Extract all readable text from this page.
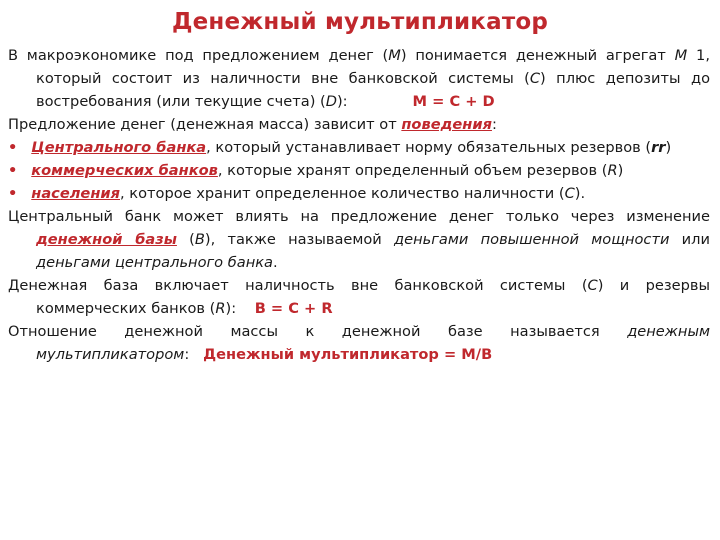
Денежный мультипликатор
В макроэкономике под предложением денег (М) понимается денежный агрегат М 1, который состоит из наличности вне банковской системы (С) плюс депозиты до востребования (или текущие счета) (D):	М = С + D
Предложение денег (денежная масса) зависит от поведения:
• Центрального банка, который устанавливает норму обязательных резервов (rr)
• коммерческих банков, которые хранят определенный объем резервов (R)
• населения, которое хранит определенное количество наличности (С).
Центральный банк может влиять на предложение денег только через изменение денежной базы (В), также называемой деньгами повышенной мощности или деньгами центрального банка.
Денежная база включает наличность вне банковской системы (С) и резервы коммерческих банков (R): В = С + R
Отношение денежной массы к денежной базе называется денежным мультипликатором: Денежный мультипликатор = М/В
